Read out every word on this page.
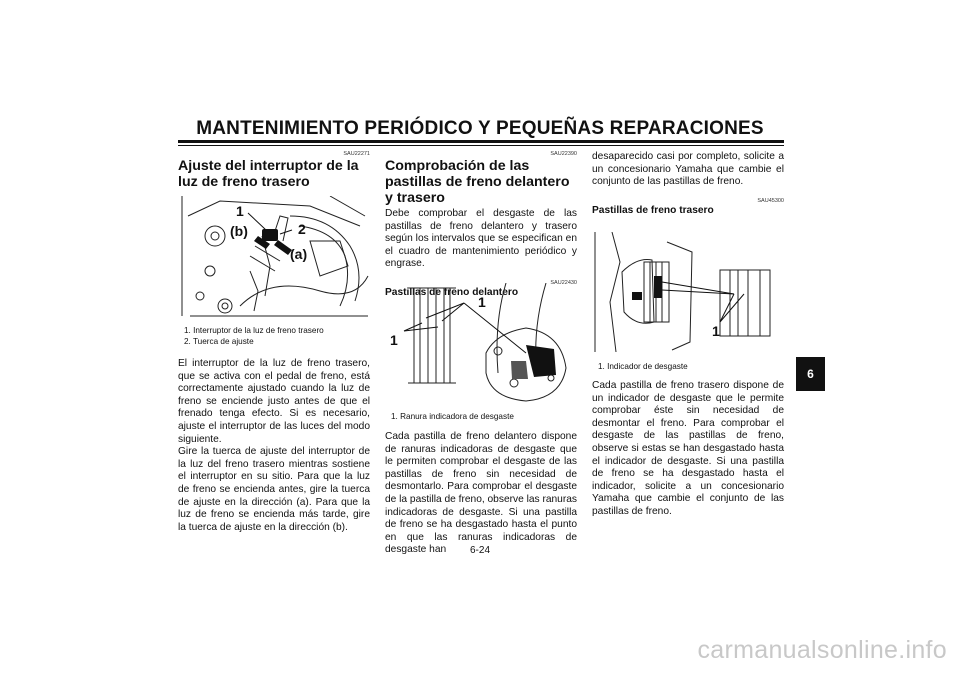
MANTENIMIENTO PERIÓDICO Y PEQUEÑAS REPARACIONES
SAU22271
Ajuste del interruptor de la luz de freno trasero
1
2
(a)
(b)
1. Interruptor de la luz de freno trasero
2. Tuerca de ajuste

El interruptor de la luz de freno trasero, que se activa con el pedal de freno, está correctamente ajustado cuando la luz de freno se enciende justo antes de que el frenado tenga efecto. Si es necesario, ajuste el interruptor de las luces del modo siguiente.

Gire la tuerca de ajuste del interruptor de la luz del freno trasero mientras sostiene el interruptor en su sitio. Para que la luz de freno se encienda antes, gire la tuerca de ajuste en la dirección (a). Para que la luz de freno se encienda más tarde, gire la tuerca de ajuste en la dirección (b).

SAU22390
Comprobación de las pastillas de freno delantero y trasero

Debe comprobar el desgaste de las pastillas de freno delantero y trasero según los intervalos que se especifican en el cuadro de mantenimiento periódico y engrase.

SAU22430
Pastillas de freno delantero
1
1
1. Ranura indicadora de desgaste

Cada pastilla de freno delantero dispone de ranuras indicadoras de desgaste que le permiten comprobar el desgaste de las pastillas de freno sin necesidad de desmontarlo. Para comprobar el desgaste de la pastilla de freno, observe las ranuras indicadoras de desgaste. Si una pastilla de freno se ha desgastado hasta el punto en que las ranuras indicadoras de desgaste han

desaparecido casi por completo, solicite a un concesionario Yamaha que cambie el conjunto de las pastillas de freno.

SAU45300
Pastillas de freno trasero
1
1. Indicador de desgaste

Cada pastilla de freno trasero dispone de un indicador de desgaste que le permite comprobar éste sin necesidad de desmontar el freno. Para comprobar el desgaste de las pastillas de freno, observe si estas se han desgastado hasta el indicador de desgaste. Si una pastilla de freno se ha desgastado hasta el indicador, solicite a un concesionario Yamaha que cambie el conjunto de las pastillas de freno.

6
6-24
carmanualsonline.info
